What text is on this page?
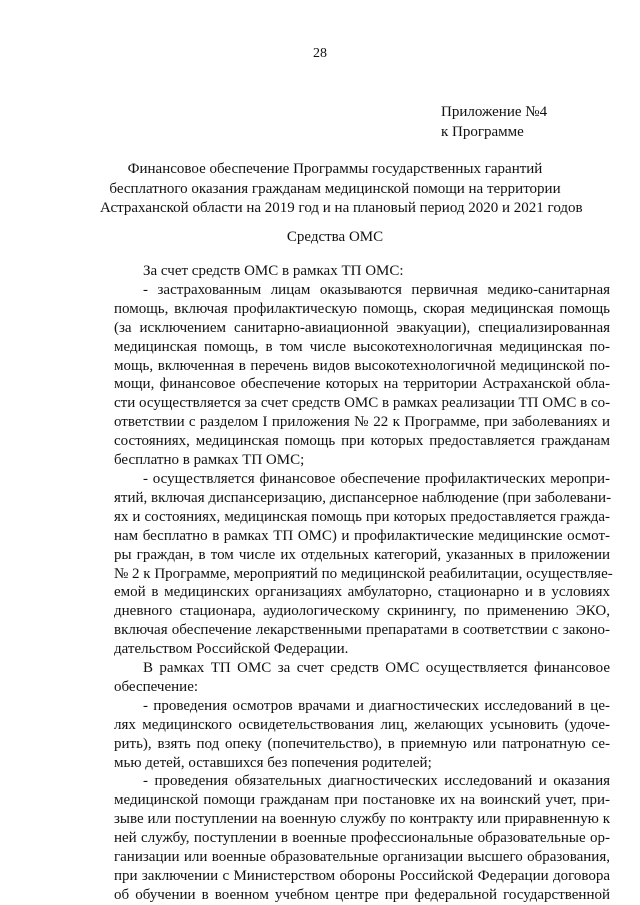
28
Приложение №4
к Программе
Финансовое обеспечение Программы государственных гарантий
бесплатного оказания гражданам медицинской помощи на территории
Астраханской области на 2019 год и на плановый период 2020 и 2021 годов
Средства ОМС
За счет средств ОМС в рамках ТП ОМС:
- застрахованным лицам оказываются первичная медико-санитарная
помощь, включая профилактическую помощь, скорая медицинская помощь
(за исключением санитарно-авиационной эвакуации), специализированная
медицинская помощь, в том числе высокотехнологичная медицинская по-
мощь, включенная в перечень видов высокотехнологичной медицинской по-
мощи, финансовое обеспечение которых на территории Астраханской обла-
сти осуществляется за счет средств ОМС в рамках реализации ТП ОМС в со-
ответствии с разделом I приложения № 22 к Программе, при заболеваниях и
состояниях, медицинская помощь при которых предоставляется гражданам
бесплатно в рамках ТП ОМС;
- осуществляется финансовое обеспечение профилактических меропри-
ятий, включая диспансеризацию, диспансерное наблюдение (при заболевани-
ях и состояниях, медицинская помощь при которых предоставляется гражда-
нам бесплатно в рамках ТП ОМС) и профилактические медицинские осмот-
ры граждан, в том числе их отдельных категорий, указанных в приложении
№ 2 к Программе, мероприятий по медицинской реабилитации, осуществляе-
емой в медицинских организациях амбулаторно, стационарно и в условиях
дневного стационара, аудиологическому скринингу, по применению ЭКО,
включая обеспечение лекарственными препаратами в соответствии с законо-
дательством Российской Федерации.
В рамках ТП ОМС за счет средств ОМС осуществляется финансовое
обеспечение:
- проведения осмотров врачами и диагностических исследований в це-
лях медицинского освидетельствования лиц, желающих усыновить (удоче-
рить), взять под опеку (попечительство), в приемную или патронатную се-
мью детей, оставшихся без попечения родителей;
- проведения обязательных диагностических исследований и оказания
медицинской помощи гражданам при постановке их на воинский учет, при-
зыве или поступлении на военную службу по контракту или приравненную к
ней службу, поступлении в военные профессиональные образовательные ор-
ганизации или военные образовательные организации высшего образования,
при заключении с Министерством обороны Российской Федерации договора
об обучении в военном учебном центре при федеральной государственной
